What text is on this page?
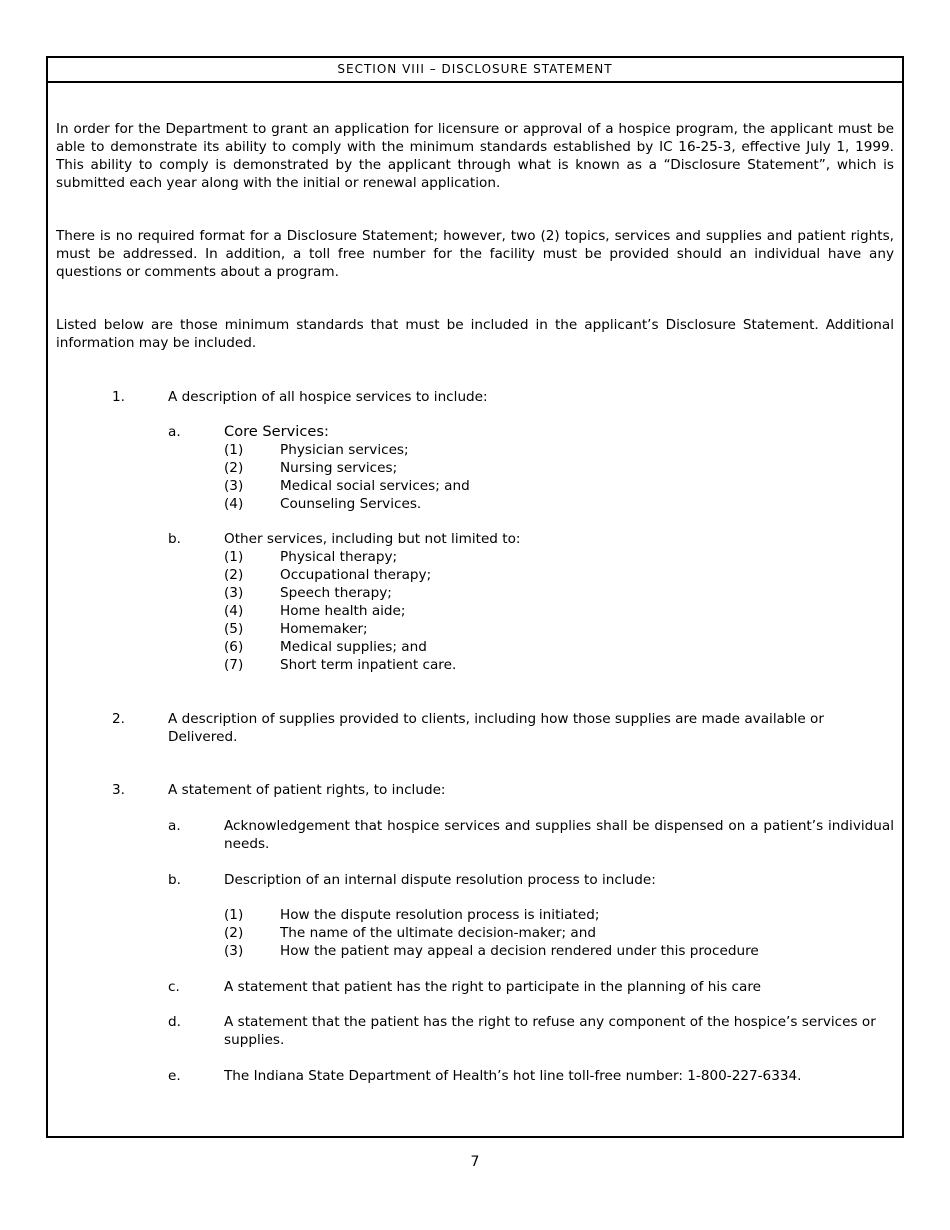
SECTION VIII – DISCLOSURE STATEMENT

In order for the Department to grant an application for licensure or approval of a hospice program, the applicant must be able to demonstrate its ability to comply with the minimum standards established by IC 16-25-3, effective July 1, 1999. This ability to comply is demonstrated by the applicant through what is known as a “Disclosure Statement”, which is submitted each year along with the initial or renewal application.

There is no required format for a Disclosure Statement; however, two (2) topics, services and supplies and patient rights, must be addressed. In addition, a toll free number for the facility must be provided should an individual have any questions or comments about a program.

Listed below are those minimum standards that must be included in the applicant’s Disclosure Statement. Additional information may be included.

1.	A description of all hospice services to include:
a.	Core Services:
(1)	Physician services;
(2)	Nursing services;
(3)	Medical social services; and
(4)	Counseling Services.
b.	Other services, including but not limited to:
(1)	Physical therapy;
(2)	Occupational therapy;
(3)	Speech therapy;
(4)	Home health aide;
(5)	Homemaker;
(6)	Medical supplies; and
(7)	Short term inpatient care.
2.	A description of supplies provided to clients, including how those supplies are made available or Delivered.
3.	A statement of patient rights, to include:
a.	Acknowledgement that hospice services and supplies shall be dispensed on a patient’s individual needs.
b.	Description of an internal dispute resolution process to include:
(1)	How the dispute resolution process is initiated;
(2)	The name of the ultimate decision-maker; and
(3)	How the patient may appeal a decision rendered under this procedure
c.	A statement that patient has the right to participate in the planning of his care
d.	A statement that the patient has the right to refuse any component of the hospice’s services or supplies.
e.	The Indiana State Department of Health’s hot line toll-free number: 1-800-227-6334.
7
